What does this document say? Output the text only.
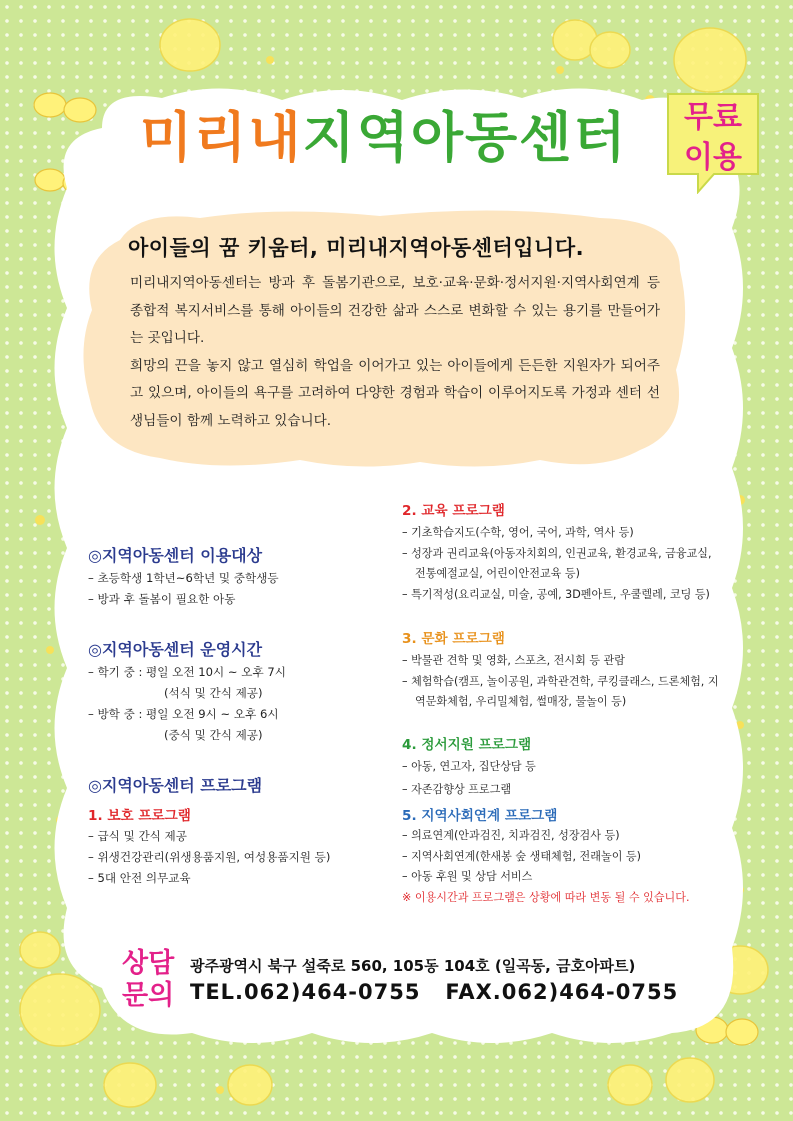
미리내지역아동센터	무료
이용
아이들의 꿈 키움터, 미리내지역아동센터입니다.

미리내지역아동센터는 방과 후 돌봄기관으로, 보호·교육·문화·정서지원·지역사회연계 등 종합적 복지서비스를 통해 아이들의 건강한 삶과 스스로 변화할 수 있는 용기를 만들어가는 곳입니다.

희망의 끈을 놓지 않고 열심히 학업을 이어가고 있는 아이들에게 든든한 지원자가 되어주고 있으며, 아이들의 욕구를 고려하여 다양한 경험과 학습이 이루어지도록 가정과 센터 선생님들이 함께 노력하고 있습니다.

◎지역아동센터 이용대상
– 초등학생 1학년~6학년 및 중학생등
– 방과 후 돌봄이 필요한 아동
◎지역아동센터 운영시간
– 학기 중 : 평일 오전 10시 ~ 오후 7시
(석식 및 간식 제공)
– 방학 중 : 평일 오전 9시 ~ 오후 6시
(중식 및 간식 제공)
◎지역아동센터 프로그램
1. 보호 프로그램
– 급식 및 간식 제공
– 위생건강관리(위생용품지원, 여성용품지원 등)
– 5대 안전 의무교육
2. 교육 프로그램
– 기초학습지도(수학, 영어, 국어, 과학, 역사 등)
– 성장과 권리교육(아동자치회의, 인권교육, 환경교육, 금융교실, 전통예절교실, 어린이안전교육 등)
– 특기적성(요리교실, 미술, 공예, 3D펜아트, 우쿨렐레, 코딩 등)
3. 문화 프로그램
– 박물관 견학 및 영화, 스포츠, 전시회 등 관람
– 체험학습(캠프, 놀이공원, 과학관견학, 쿠킹클래스, 드론체험, 지역문화체험, 우리밀체험, 썰매장, 물놀이 등)
4. 정서지원 프로그램
– 아동, 연고자, 집단상담 등
– 자존감향상 프로그램
5. 지역사회연계 프로그램
– 의료연계(안과검진, 치과검진, 성장검사 등)
– 지역사회연계(한새봉 숲 생태체험, 전래놀이 등)
– 아동 후원 및 상담 서비스
※ 이용시간과 프로그램은 상황에 따라 변동 될 수 있습니다.
상담
문의
광주광역시 북구 설죽로 560, 105동 104호 (일곡동, 금호아파트)
TEL.062)464-0755 FAX.062)464-0755
